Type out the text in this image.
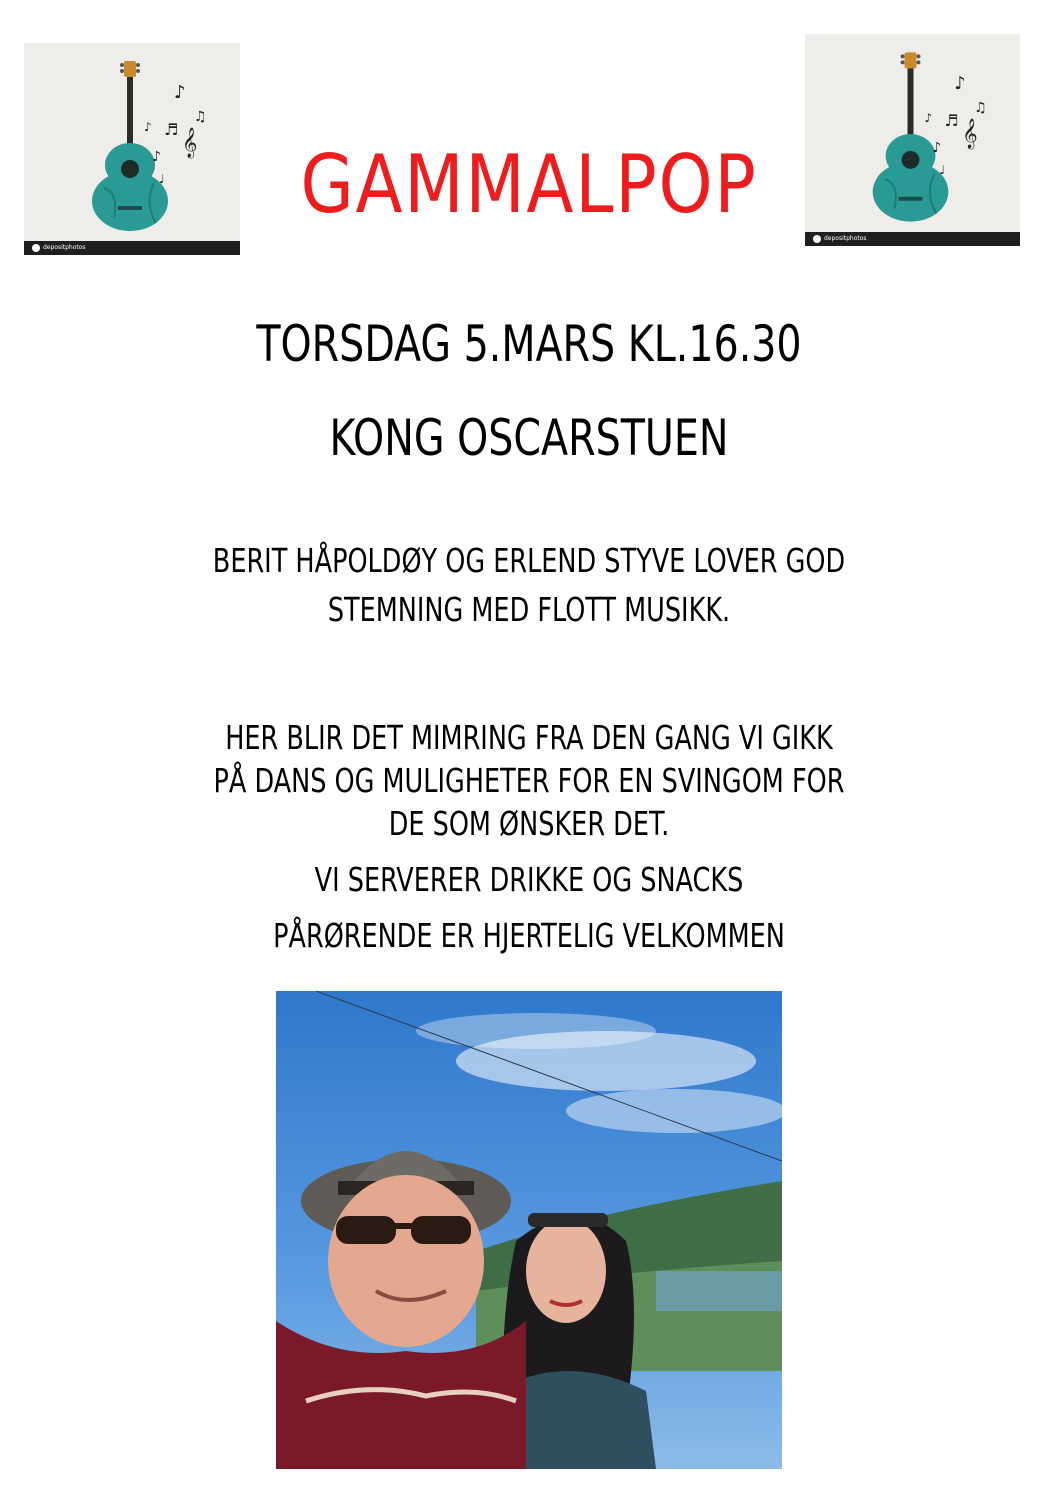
♪
♫
♬ 𝄞
♪
♪
♩
depositphotos
♪
♫
♬ 𝄞
♪
♪
♩
depositphotos
GAMMALPOP
TORSDAG 5.MARS KL.16.30
KONG OSCARSTUEN
BERIT HÅPOLDØY OG ERLEND STYVE LOVER GOD
STEMNING MED FLOTT MUSIKK.
HER BLIR DET MIMRING FRA DEN GANG VI GIKK
PÅ DANS OG MULIGHETER FOR EN SVINGOM FOR
DE SOM ØNSKER DET.
VI SERVERER DRIKKE OG SNACKS
PÅRØRENDE ER HJERTELIG VELKOMMEN
